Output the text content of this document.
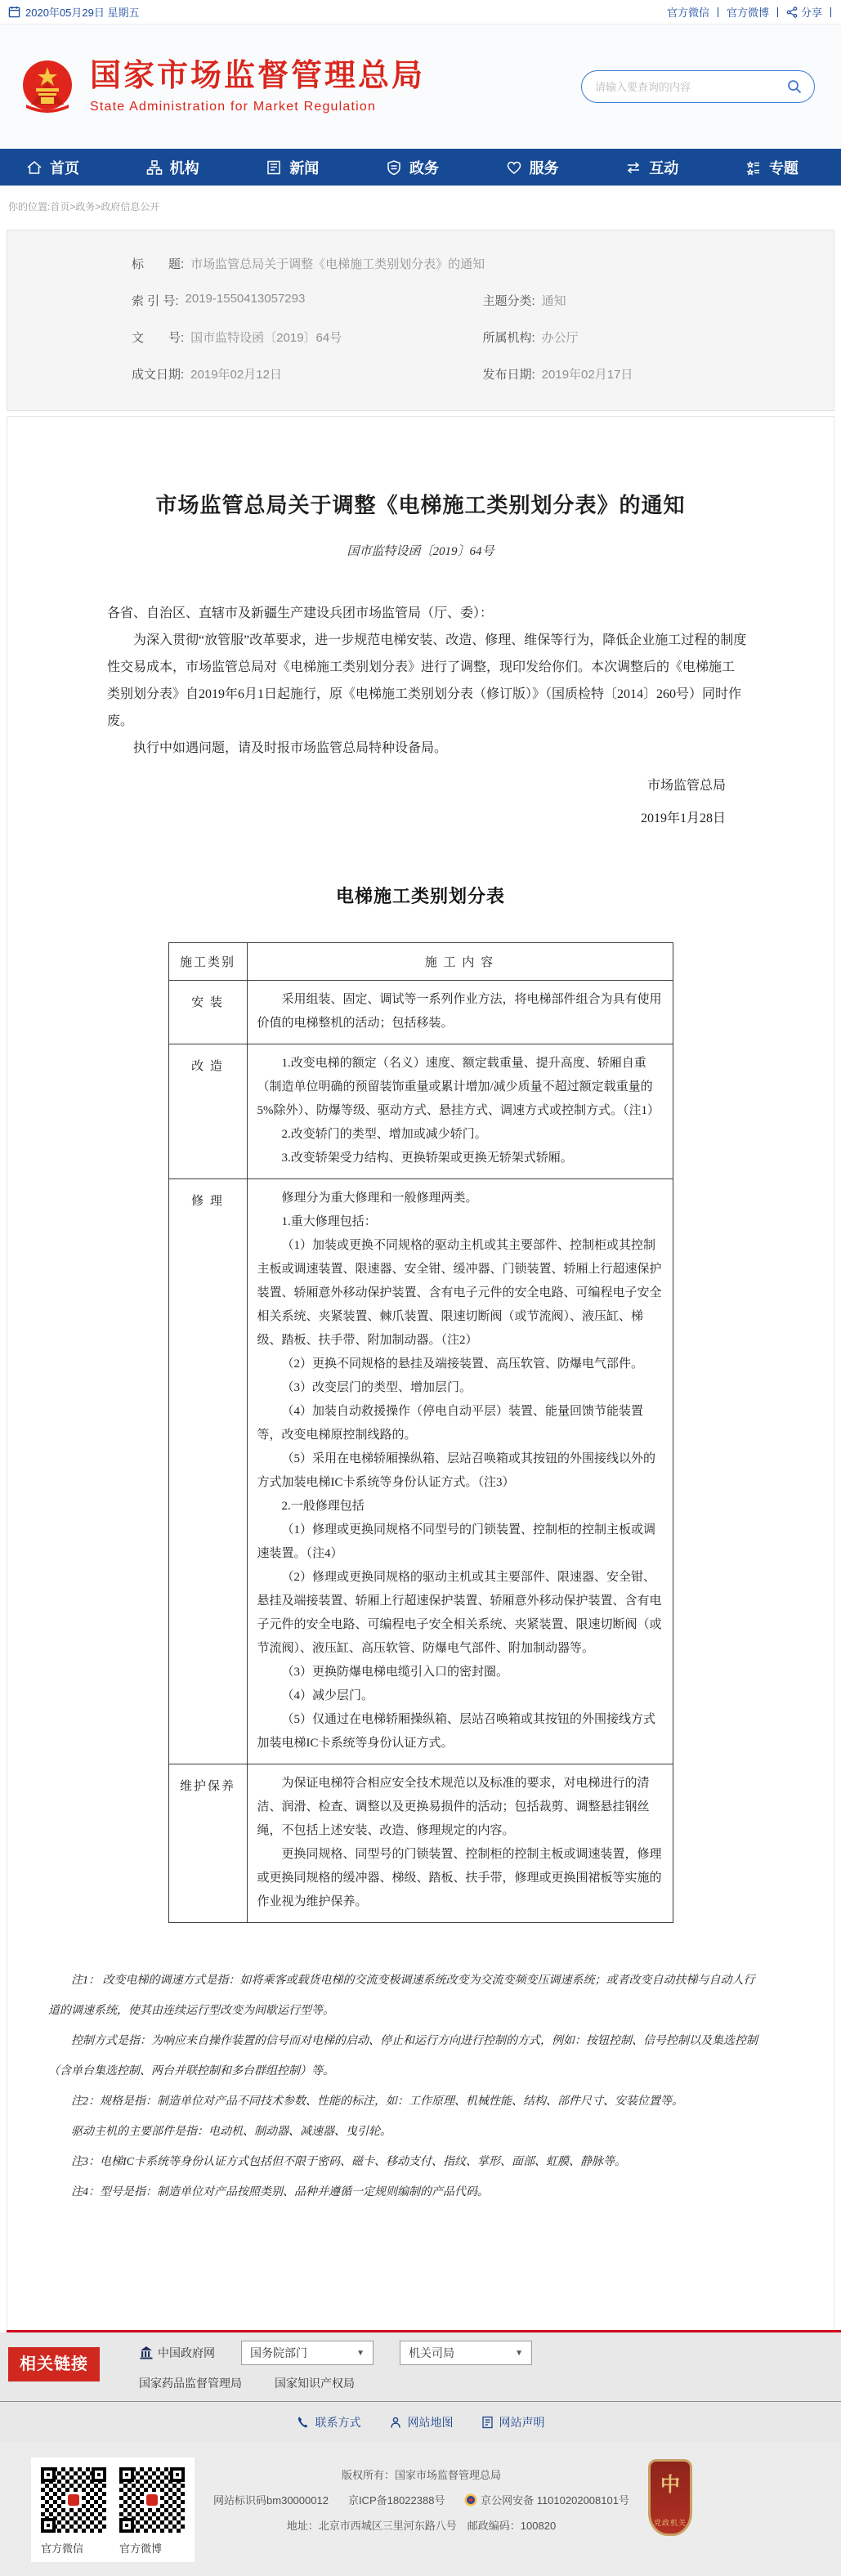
2020年05月29日 星期五	官方微信 官方微博	分享
国家市场监督管理总局
State Administration for Market Regulation
请输入要查询的内容
首页	机构	新闻	政务	服务	互动	专题
你的位置:首页>政务>政府信息公开
标　　题: 市场监管总局关于调整《电梯施工类别划分表》的通知
索 引 号: 2019-1550413057293	主题分类: 通知
文　　号: 国市监特设函〔2019〕64号	所属机构: 办公厅
成文日期: 2019年02月12日	发布日期: 2019年02月17日
市场监管总局关于调整《电梯施工类别划分表》的通知
国市监特设函〔2019〕64号

各省、自治区、直辖市及新疆生产建设兵团市场监管局（厅、委）：

为深入贯彻“放管服”改革要求，进一步规范电梯安装、改造、修理、维保等行为，降低企业施工过程的制度性交易成本，市场监管总局对《电梯施工类别划分表》进行了调整，现印发给你们。本次调整后的《电梯施工类别划分表》自2019年6月1日起施行，原《电梯施工类别划分表（修订版）》（国质检特〔2014〕260号）同时作废。

执行中如遇问题，请及时报市场监管总局特种设备局。

市场监管总局
2019年1月28日
电梯施工类别划分表
施工类别	施 工 内 容
安 装	采用组装、固定、调试等一系列作业方法，将电梯部件组合为具有使用价值的电梯整机的活动；包括移装。

改 造	1.改变电梯的额定（名义）速度、额定载重量、提升高度、轿厢自重（制造单位明确的预留装饰重量或累计增加/减少质量不超过额定载重量的5%除外）、防爆等级、驱动方式、悬挂方式、调速方式或控制方式。（注1）

2.改变轿门的类型、增加或减少轿门。

3.改变轿架受力结构、更换轿架或更换无轿架式轿厢。

修 理	修理分为重大修理和一般修理两类。

1.重大修理包括：

（1）加装或更换不同规格的驱动主机或其主要部件、控制柜或其控制主板或调速装置、限速器、安全钳、缓冲器、门锁装置、轿厢上行超速保护装置、轿厢意外移动保护装置、含有电子元件的安全电路、可编程电子安全相关系统、夹紧装置、棘爪装置、限速切断阀（或节流阀）、液压缸、梯级、踏板、扶手带、附加制动器。（注2）

（2）更换不同规格的悬挂及端接装置、高压软管、防爆电气部件。

（3）改变层门的类型、增加层门。

（4）加装自动救援操作（停电自动平层）装置、能量回馈节能装置等，改变电梯原控制线路的。

（5）采用在电梯轿厢操纵箱、层站召唤箱或其按钮的外围接线以外的方式加装电梯IC卡系统等身份认证方式。（注3）

2.一般修理包括

（1）修理或更换同规格不同型号的门锁装置、控制柜的控制主板或调速装置。（注4）

（2）修理或更换同规格的驱动主机或其主要部件、限速器、安全钳、悬挂及端接装置、轿厢上行超速保护装置、轿厢意外移动保护装置、含有电子元件的安全电路、可编程电子安全相关系统、夹紧装置、限速切断阀（或节流阀）、液压缸、高压软管、防爆电气部件、附加制动器等。

（3）更换防爆电梯电缆引入口的密封圈。

（4）减少层门。

（5）仅通过在电梯轿厢操纵箱、层站召唤箱或其按钮的外围接线方式加装电梯IC卡系统等身份认证方式。

维护保养	为保证电梯符合相应安全技术规范以及标准的要求，对电梯进行的清洁、润滑、检查、调整以及更换易损件的活动；包括裁剪、调整悬挂钢丝绳，不包括上述安装、改造、修理规定的内容。

更换同规格、同型号的门锁装置、控制柜的控制主板或调速装置，修理或更换同规格的缓冲器、梯级、踏板、扶手带，修理或更换围裙板等实施的作业视为维护保养。

注1： 改变电梯的调速方式是指：如将乘客或载货电梯的交流变极调速系统改变为交流变频变压调速系统；或者改变自动扶梯与自动人行道的调速系统，使其由连续运行型改变为间歇运行型等。

控制方式是指：为响应来自操作装置的信号而对电梯的启动、停止和运行方向进行控制的方式，例如：按钮控制、信号控制以及集选控制（含单台集选控制、两台并联控制和多台群组控制）等。

注2：规格是指：制造单位对产品不同技术参数、性能的标注，如：工作原理、机械性能、结构、部件尺寸、安装位置等。

驱动主机的主要部件是指：电动机、制动器、减速器、曳引轮。

注3：电梯IC卡系统等身份认证方式包括但不限于密码、磁卡、移动支付、指纹、掌形、面部、虹膜、静脉等。

注4：型号是指：制造单位对产品按照类别、品种并遵循一定规则编制的产品代码。

相关链接
中国政府网	国务院部门	▼	机关司局	▼
国家药品监督管理局	国家知识产权局
联系方式	网站地图	网站声明
官方微信	官方微博
版权所有：国家市场监督管理总局
网站标识码bm30000012 京ICP备18022388号	京公网安备 11010202008101号
地址：北京市西城区三里河东路八号　邮政编码：100820
中
党政机关
